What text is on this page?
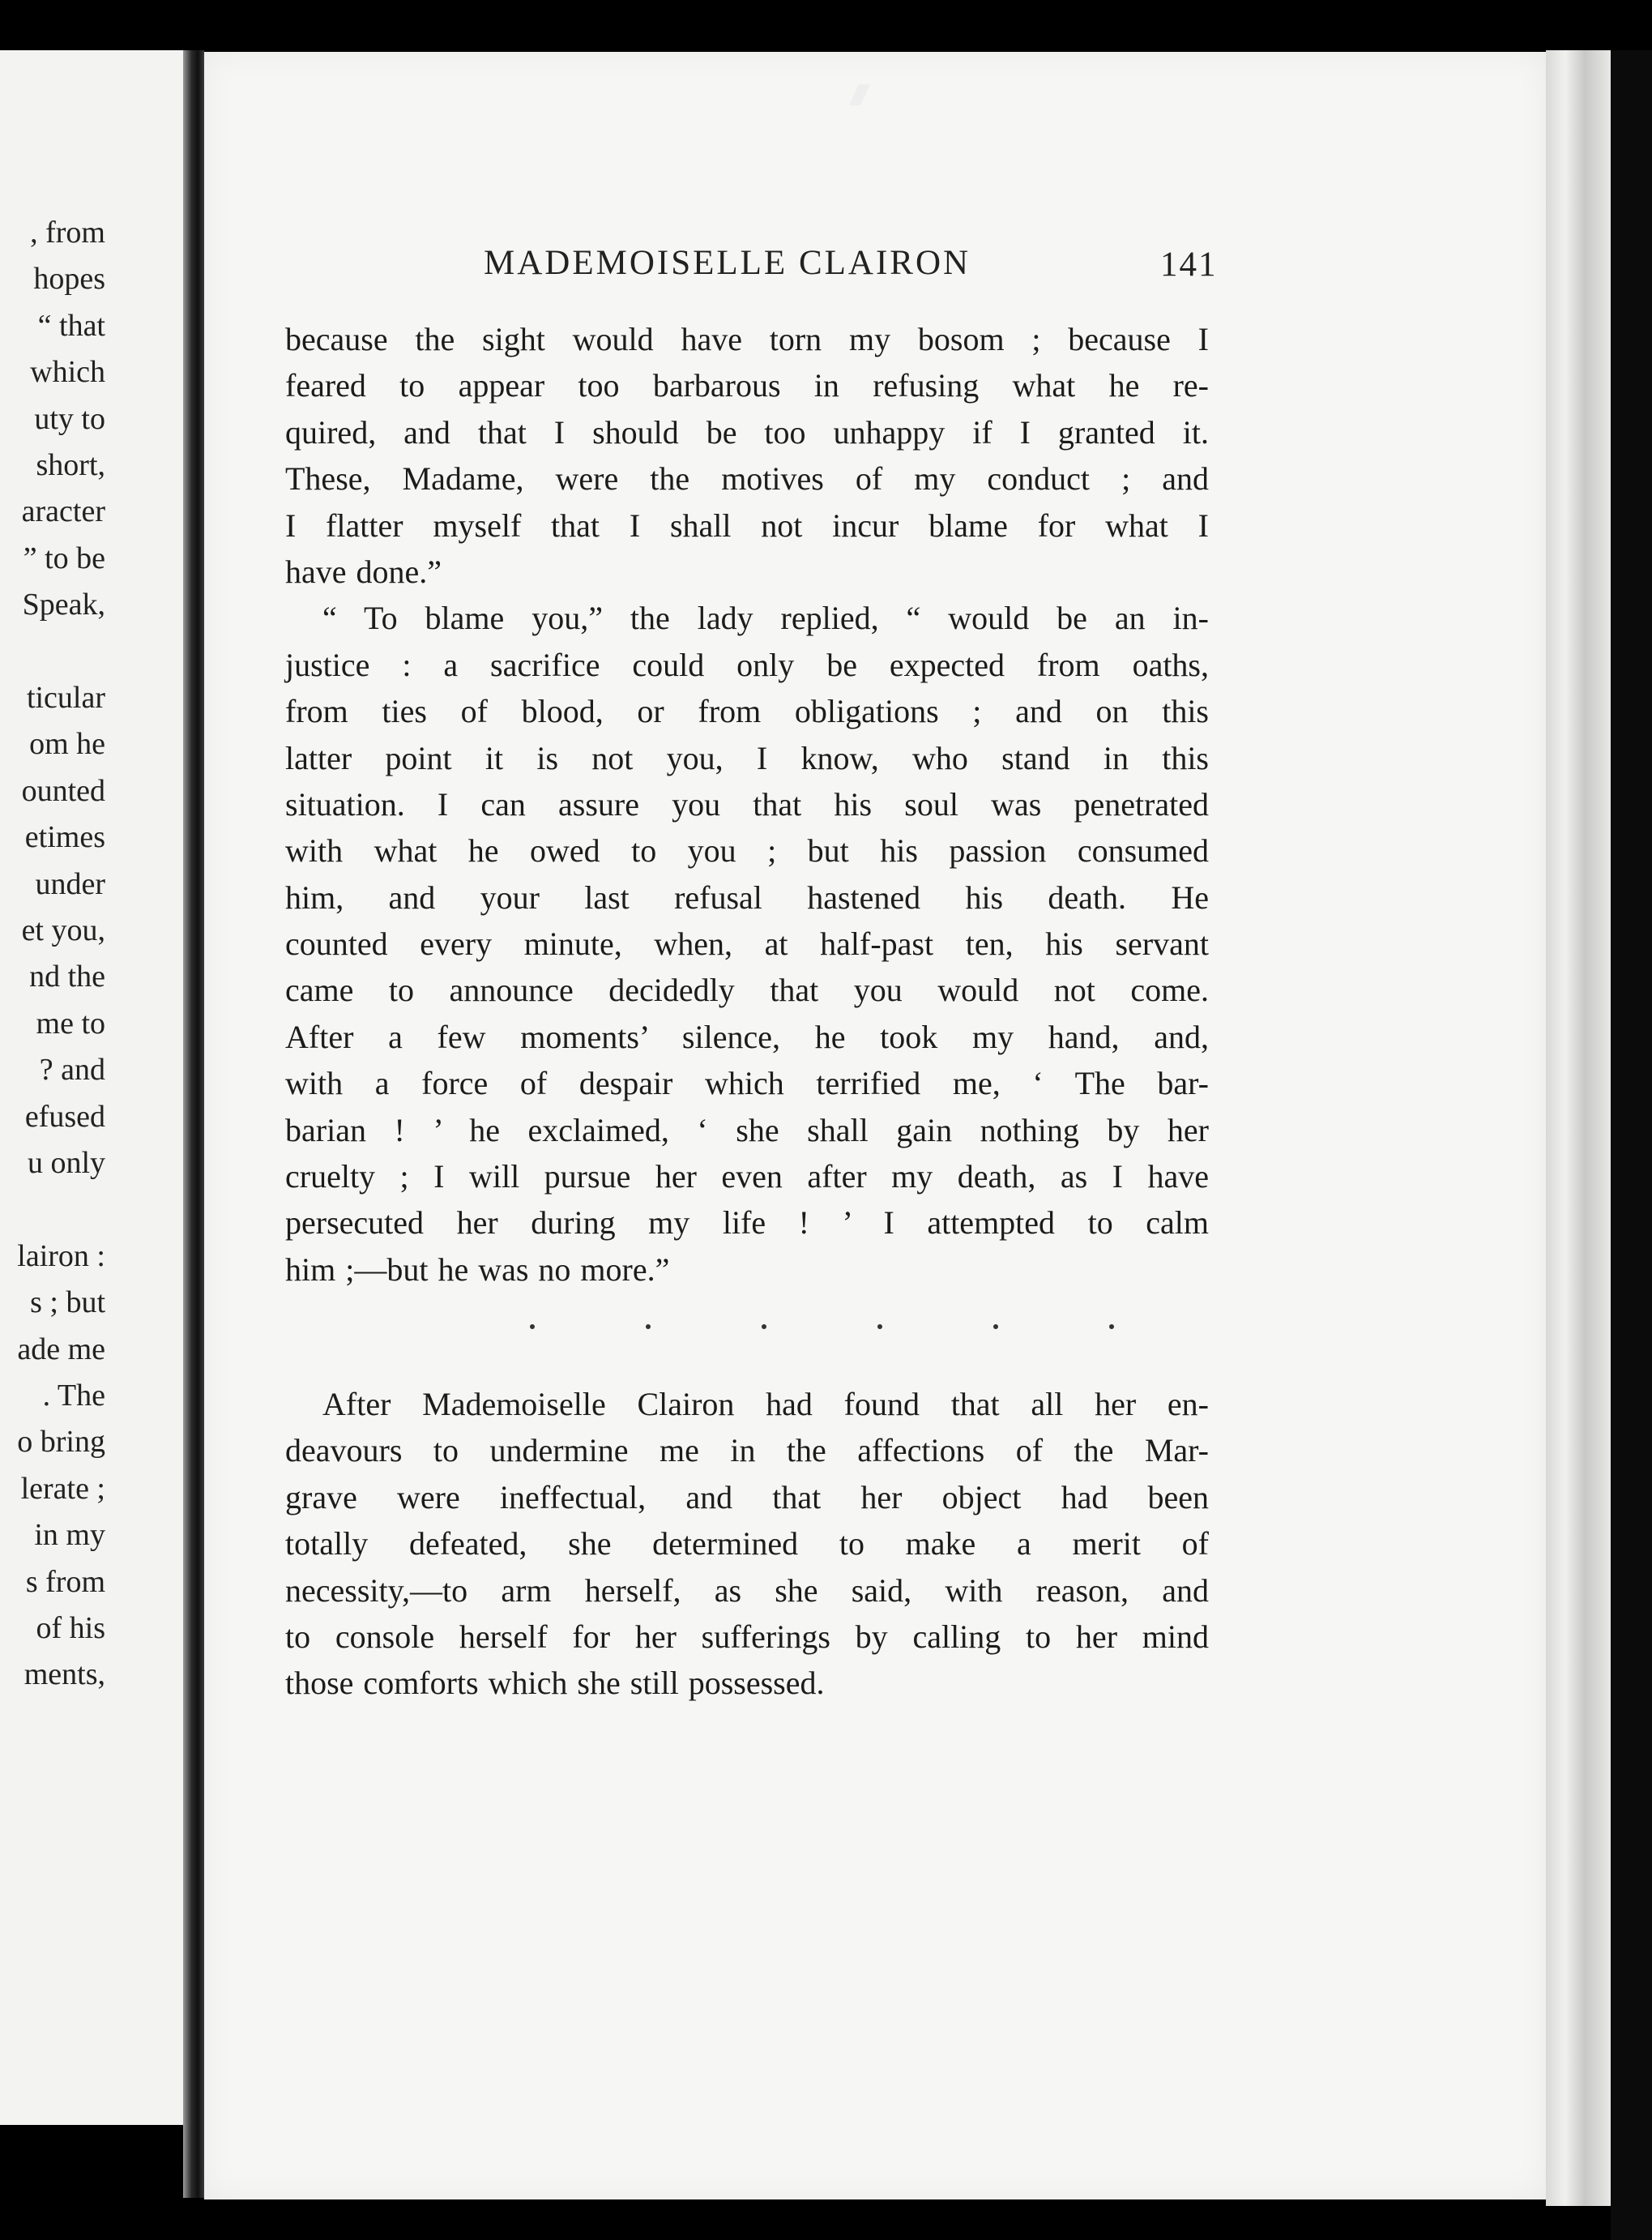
, from
hopes
“ that
which
uty to
short,
aracter
” to be
Speak,
ticular
om he
ounted
etimes
under
et you,
nd the
me to
? and
efused
u only
lairon :
s ; but
ade me
. The
o bring
lerate ;
in my
s from
of his
ments,
MADEMOISELLE CLAIRON	141
because the sight would have torn my bosom ; because I
feared to appear too barbarous in refusing what he re-
quired, and that I should be too unhappy if I granted it.
These, Madame, were the motives of my conduct ; and
I flatter myself that I shall not incur blame for what I
have done.”
“ To blame you,” the lady replied, “ would be an in-
justice : a sacrifice could only be expected from oaths,
from ties of blood, or from obligations ; and on this
latter point it is not you, I know, who stand in this
situation. I can assure you that his soul was penetrated
with what he owed to you ; but his passion consumed
him, and your last refusal hastened his death. He
counted every minute, when, at half-past ten, his servant
came to announce decidedly that you would not come.
After a few moments’ silence, he took my hand, and,
with a force of despair which terrified me, ‘ The bar-
barian ! ’ he exclaimed, ‘ she shall gain nothing by her
cruelty ; I will pursue her even after my death, as I have
persecuted her during my life ! ’ I attempted to calm
him ;—but he was no more.”
After Mademoiselle Clairon had found that all her en-
deavours to undermine me in the affections of the Mar-
grave were ineffectual, and that her object had been
totally defeated, she determined to make a merit of
necessity,—to arm herself, as she said, with reason, and
to console herself for her sufferings by calling to her mind
those comforts which she still possessed.
